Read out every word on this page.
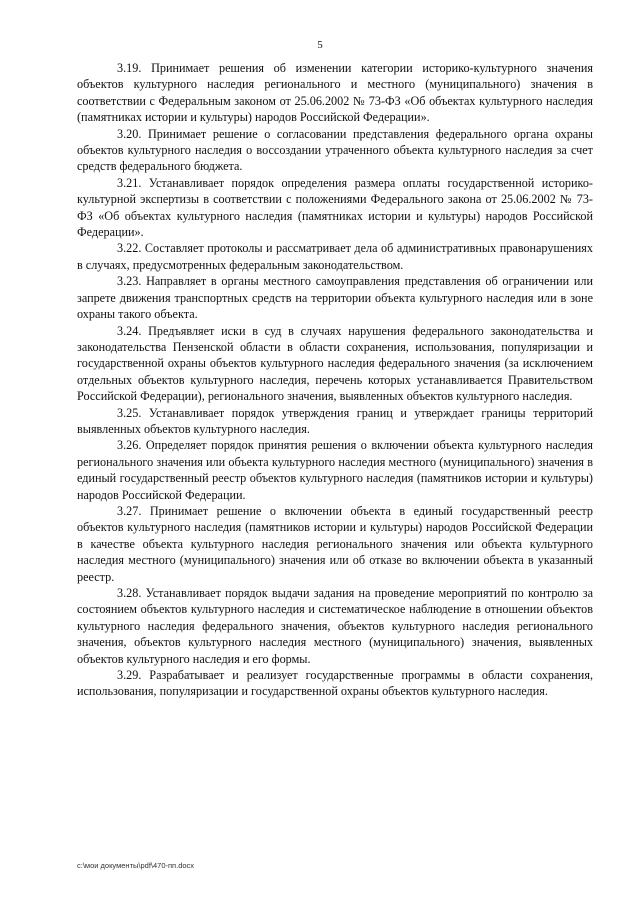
5

3.19. Принимает решения об изменении категории историко-культурного значения объектов культурного наследия регионального и местного (муниципального) значения в соответствии с Федеральным законом от 25.06.2002 № 73-ФЗ «Об объектах культурного наследия (памятниках истории и культуры) народов Российской Федерации».

3.20. Принимает решение о согласовании представления федерального органа охраны объектов культурного наследия о воссоздании утраченного объекта культурного наследия за счет средств федерального бюджета.

3.21. Устанавливает порядок определения размера оплаты государственной историко-культурной экспертизы в соответствии с положениями Федерального закона от 25.06.2002 № 73-ФЗ «Об объектах культурного наследия (памятниках истории и культуры) народов Российской Федерации».

3.22. Составляет протоколы и рассматривает дела об административных правонарушениях в случаях, предусмотренных федеральным законодательством.

3.23. Направляет в органы местного самоуправления представления об ограничении или запрете движения транспортных средств на территории объекта культурного наследия или в зоне охраны такого объекта.

3.24. Предъявляет иски в суд в случаях нарушения федерального законодательства и законодательства Пензенской области в области сохранения, использования, популяризации и государственной охраны объектов культурного наследия федерального значения (за исключением отдельных объектов культурного наследия, перечень которых устанавливается Правительством Российской Федерации), регионального значения, выявленных объектов культурного наследия.

3.25. Устанавливает порядок утверждения границ и утверждает границы территорий выявленных объектов культурного наследия.

3.26. Определяет порядок принятия решения о включении объекта культурного наследия регионального значения или объекта культурного наследия местного (муниципального) значения в единый государственный реестр объектов культурного наследия (памятников истории и культуры) народов Российской Федерации.

3.27. Принимает решение о включении объекта в единый государственный реестр объектов культурного наследия (памятников истории и культуры) народов Российской Федерации в качестве объекта культурного наследия регионального значения или объекта культурного наследия местного (муниципального) значения или об отказе во включении объекта в указанный реестр.

3.28. Устанавливает порядок выдачи задания на проведение мероприятий по контролю за состоянием объектов культурного наследия и систематическое наблюдение в отношении объектов культурного наследия федерального значения, объектов культурного наследия регионального значения, объектов культурного наследия местного (муниципального) значения, выявленных объектов культурного наследия и его формы.

3.29. Разрабатывает и реализует государственные программы в области сохранения, использования, популяризации и государственной охраны объектов культурного наследия.

c:\мои документы\pdf\470-пп.docx
